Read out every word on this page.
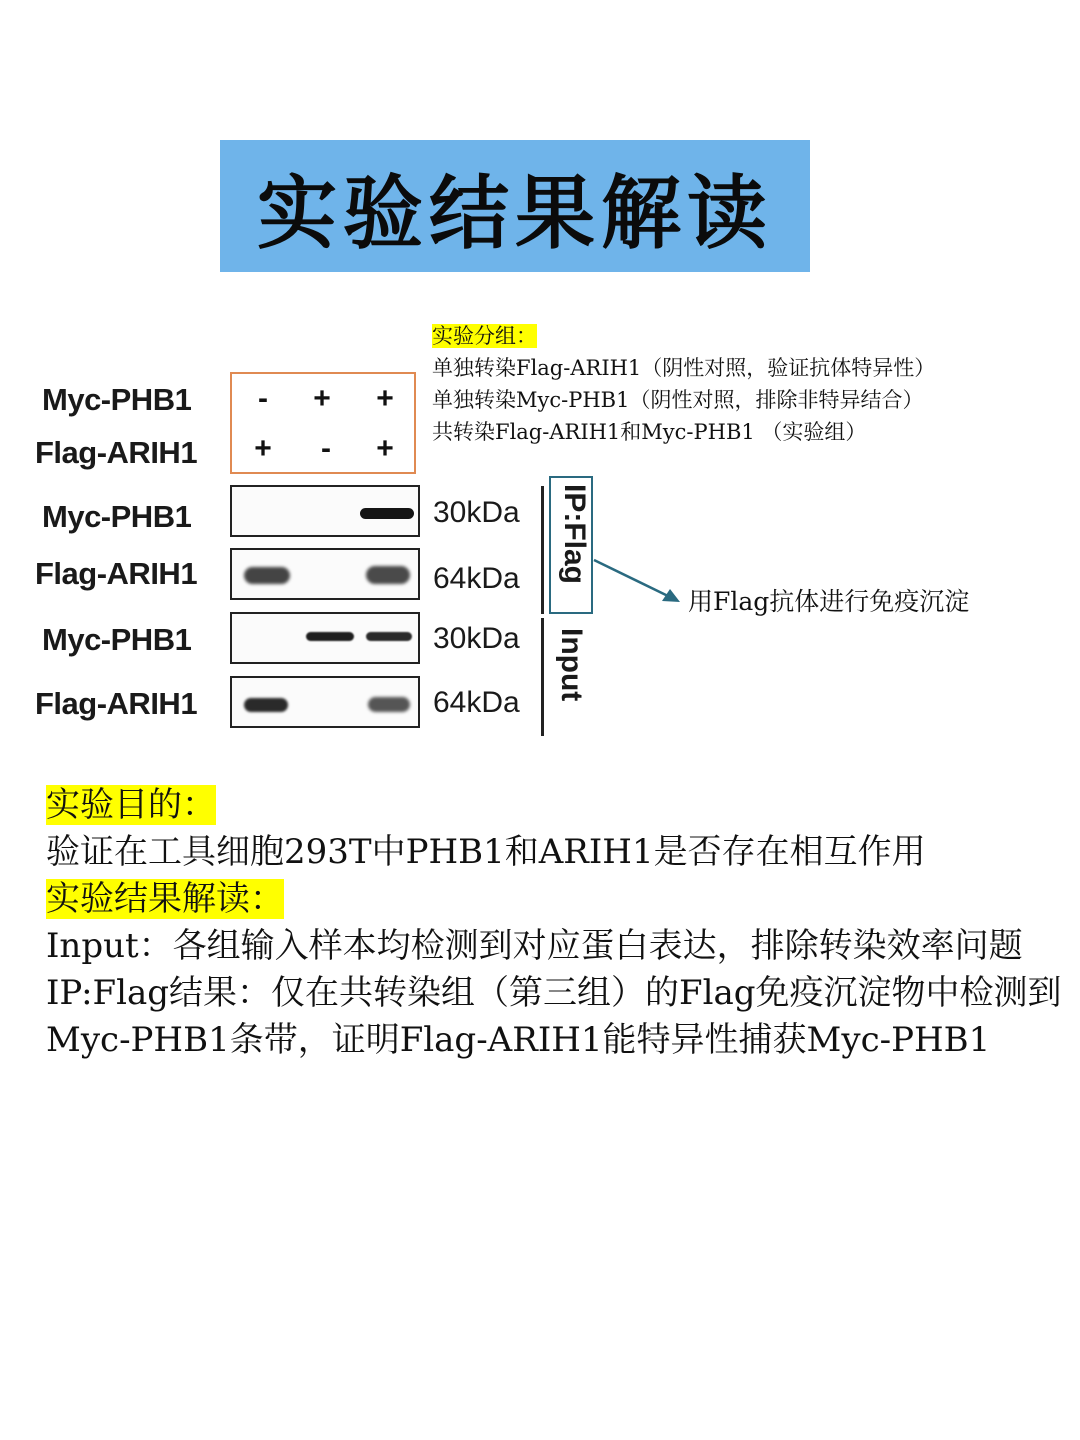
实验结果解读
Myc-PHB1
Flag-ARIH1
-	+ +
+	-	+
Myc-PHB1	30kDa
Flag-ARIH1	64kDa
Myc-PHB1	30kDa
Flag-ARIH1	64kDa
IP:Flag
Input
用Flag抗体进行免疫沉淀
实验分组：
单独转染Flag-ARIH1（阴性对照，验证抗体特异性）
单独转染Myc-PHB1（阴性对照，排除非特异结合）
共转染Flag-ARIH1和Myc-PHB1 （实验组）
实验目的：
验证在工具细胞293T中PHB1和ARIH1是否存在相互作用
实验结果解读：
Input：各组输入样本均检测到对应蛋白表达，排除转染效率问题
IP:Flag结果：仅在共转染组（第三组）的Flag免疫沉淀物中检测到Myc-PHB1条带，证明Flag-ARIH1能特异性捕获Myc-PHB1
